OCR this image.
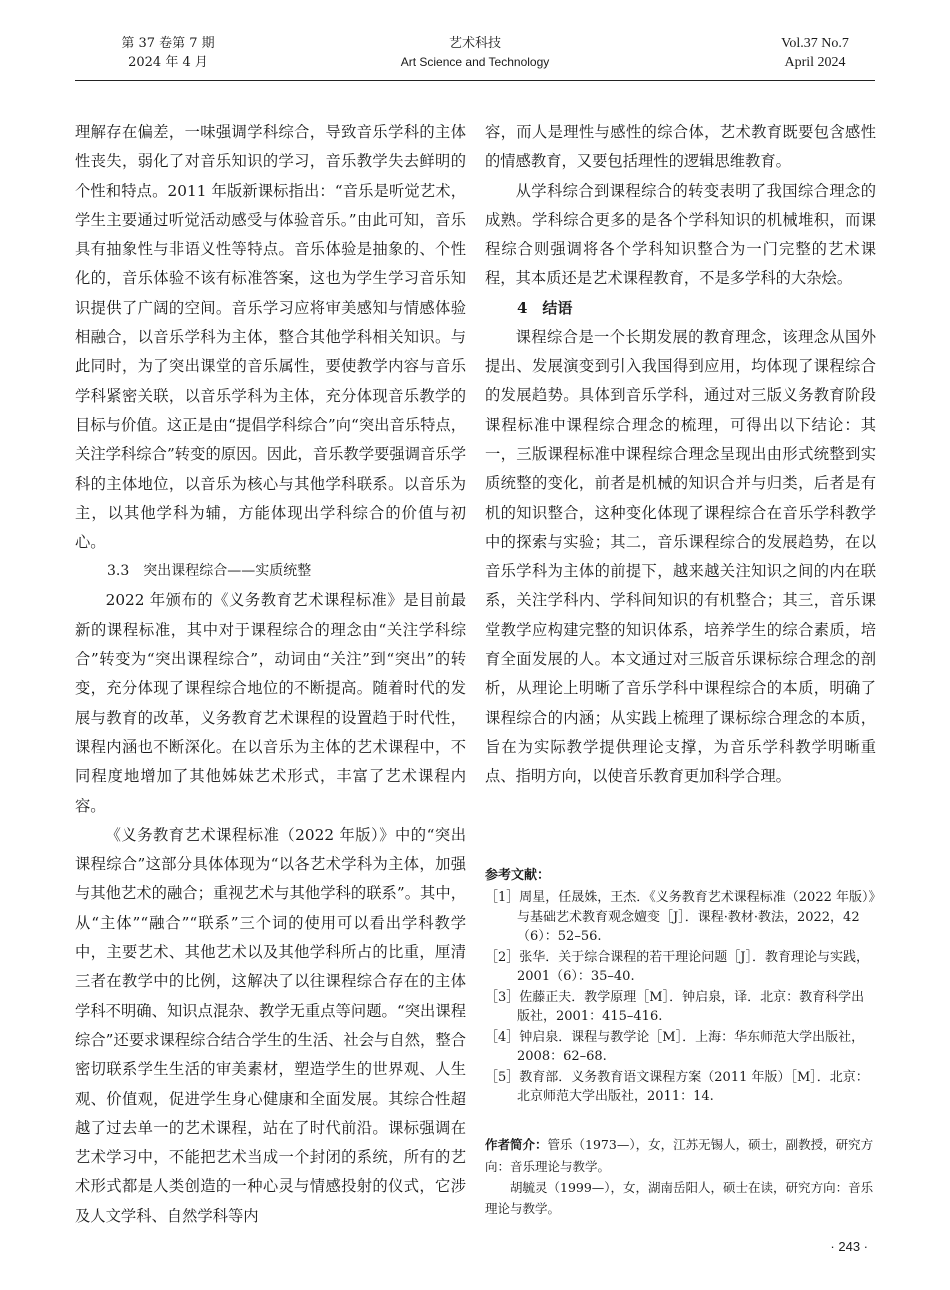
第 37 卷第 7 期
2024 年 4 月
艺术科技
Art Science and Technology
Vol.37 No.7
April 2024

理解存在偏差，一味强调学科综合，导致音乐学科的主体性丧失，弱化了对音乐知识的学习，音乐教学失去鲜明的个性和特点。2011 年版新课标指出：“音乐是听觉艺术，学生主要通过听觉活动感受与体验音乐。”由此可知，音乐具有抽象性与非语义性等特点。音乐体验是抽象的、个性化的，音乐体验不该有标准答案，这也为学生学习音乐知识提供了广阔的空间。音乐学习应将审美感知与情感体验相融合，以音乐学科为主体，整合其他学科相关知识。与此同时，为了突出课堂的音乐属性，要使教学内容与音乐学科紧密关联，以音乐学科为主体，充分体现音乐教学的目标与价值。这正是由“提倡学科综合”向“突出音乐特点，关注学科综合”转变的原因。因此，音乐教学要强调音乐学科的主体地位，以音乐为核心与其他学科联系。以音乐为主，以其他学科为辅，方能体现出学科综合的价值与初心。

3.3　突出课程综合——实质统整

2022 年颁布的《义务教育艺术课程标准》是目前最新的课程标准，其中对于课程综合的理念由“关注学科综合”转变为“突出课程综合”，动词由“关注”到“突出”的转变，充分体现了课程综合地位的不断提高。随着时代的发展与教育的改革，义务教育艺术课程的设置趋于时代性，课程内涵也不断深化。在以音乐为主体的艺术课程中，不同程度地增加了其他姊妹艺术形式，丰富了艺术课程内容。

《义务教育艺术课程标准（2022 年版）》中的“突出课程综合”这部分具体体现为“以各艺术学科为主体，加强与其他艺术的融合；重视艺术与其他学科的联系”。其中，从“主体”“融合”“联系”三个词的使用可以看出学科教学中，主要艺术、其他艺术以及其他学科所占的比重，厘清三者在教学中的比例，这解决了以往课程综合存在的主体学科不明确、知识点混杂、教学无重点等问题。“突出课程综合”还要求课程综合结合学生的生活、社会与自然，整合密切联系学生生活的审美素材，塑造学生的世界观、人生观、价值观，促进学生身心健康和全面发展。其综合性超越了过去单一的艺术课程，站在了时代前沿。课标强调在艺术学习中，不能把艺术当成一个封闭的系统，所有的艺术形式都是人类创造的一种心灵与情感投射的仪式，它涉及人文学科、自然学科等内

容，而人是理性与感性的综合体，艺术教育既要包含感性的情感教育，又要包括理性的逻辑思维教育。

从学科综合到课程综合的转变表明了我国综合理念的成熟。学科综合更多的是各个学科知识的机械堆积，而课程综合则强调将各个学科知识整合为一门完整的艺术课程，其本质还是艺术课程教育，不是多学科的大杂烩。

4　结语

课程综合是一个长期发展的教育理念，该理念从国外提出、发展演变到引入我国得到应用，均体现了课程综合的发展趋势。具体到音乐学科，通过对三版义务教育阶段课程标准中课程综合理念的梳理，可得出以下结论：其一，三版课程标准中课程综合理念呈现出由形式统整到实质统整的变化，前者是机械的知识合并与归类，后者是有机的知识整合，这种变化体现了课程综合在音乐学科教学中的探索与实验；其二，音乐课程综合的发展趋势，在以音乐学科为主体的前提下，越来越关注知识之间的内在联系，关注学科内、学科间知识的有机整合；其三，音乐课堂教学应构建完整的知识体系，培养学生的综合素质，培育全面发展的人。本文通过对三版音乐课标综合理念的剖析，从理论上明晰了音乐学科中课程综合的本质，明确了课程综合的内涵；从实践上梳理了课标综合理念的本质，旨在为实际教学提供理论支撑，为音乐学科教学明晰重点、指明方向，以使音乐教育更加科学合理。

参考文献：

［1］周星，任晟姝，王杰．《义务教育艺术课程标准（2022 年版）》与基础艺术教育观念嬗变［J］．课程·教材·教法，2022，42（6）：52–56.

［2］张华．关于综合课程的若干理论问题［J］．教育理论与实践，2001（6）：35–40.

［3］佐藤正夫．教学原理［M］．钟启泉，译．北京：教育科学出版社，2001：415–416.

［4］钟启泉．课程与教学论［M］．上海：华东师范大学出版社，2008：62–68.

［5］教育部．义务教育语文课程方案（2011 年版）［M］．北京：北京师范大学出版社，2011：14.

作者简介：管乐（1973—），女，江苏无锡人，硕士，副教授，研究方向：音乐理论与教学。

胡毓灵（1999—），女，湖南岳阳人，硕士在读，研究方向：音乐理论与教学。

· 243 ·
